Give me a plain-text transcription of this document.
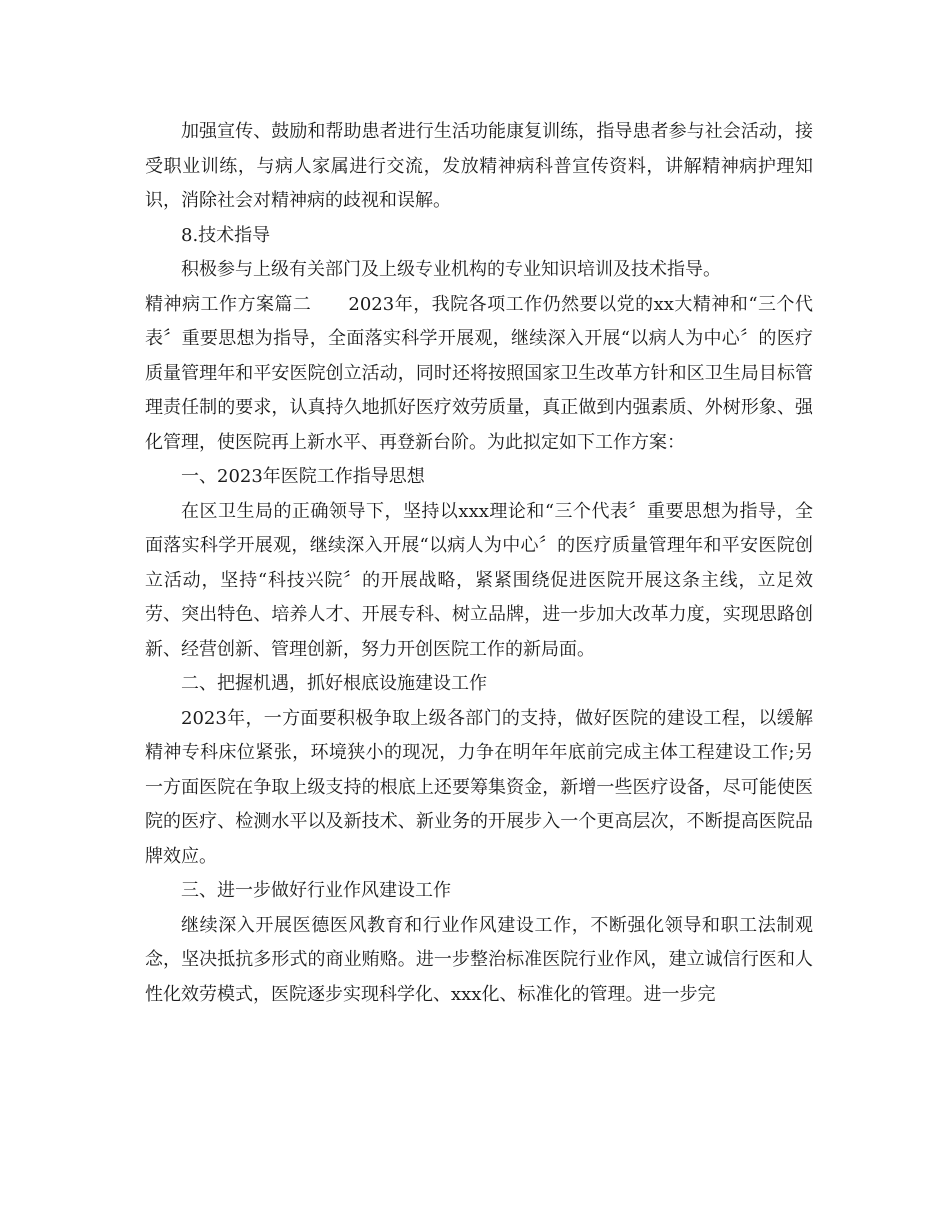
加强宣传、鼓励和帮助患者进行生活功能康复训练，指导患者参与社会活动，接受职业训练，与病人家属进行交流，发放精神病科普宣传资料，讲解精神病护理知识，消除社会对精神病的歧视和误解。

8.技术指导

积极参与上级有关部门及上级专业机构的专业知识培训及技术指导。

精神病工作方案篇二　　2023年，我院各项工作仍然要以党的xx大精神和“三个代表〞重要思想为指导，全面落实科学开展观，继续深入开展“以病人为中心〞的医疗质量管理年和平安医院创立活动，同时还将按照国家卫生改革方针和区卫生局目标管理责任制的要求，认真持久地抓好医疗效劳质量，真正做到内强素质、外树形象、强化管理，使医院再上新水平、再登新台阶。为此拟定如下工作方案：

一、2023年医院工作指导思想

在区卫生局的正确领导下，坚持以xxx理论和“三个代表〞重要思想为指导，全面落实科学开展观，继续深入开展“以病人为中心〞的医疗质量管理年和平安医院创立活动，坚持“科技兴院〞的开展战略，紧紧围绕促进医院开展这条主线，立足效劳、突出特色、培养人才、开展专科、树立品牌，进一步加大改革力度，实现思路创新、经营创新、管理创新，努力开创医院工作的新局面。

二、把握机遇，抓好根底设施建设工作

2023年，一方面要积极争取上级各部门的支持，做好医院的建设工程，以缓解精神专科床位紧张，环境狭小的现况，力争在明年年底前完成主体工程建设工作;另一方面医院在争取上级支持的根底上还要筹集资金，新增一些医疗设备，尽可能使医院的医疗、检测水平以及新技术、新业务的开展步入一个更高层次，不断提高医院品牌效应。

三、进一步做好行业作风建设工作

继续深入开展医德医风教育和行业作风建设工作，不断强化领导和职工法制观念，坚决抵抗多形式的商业贿赂。进一步整治标准医院行业作风，建立诚信行医和人性化效劳模式，医院逐步实现科学化、xxx化、标准化的管理。进一步完
